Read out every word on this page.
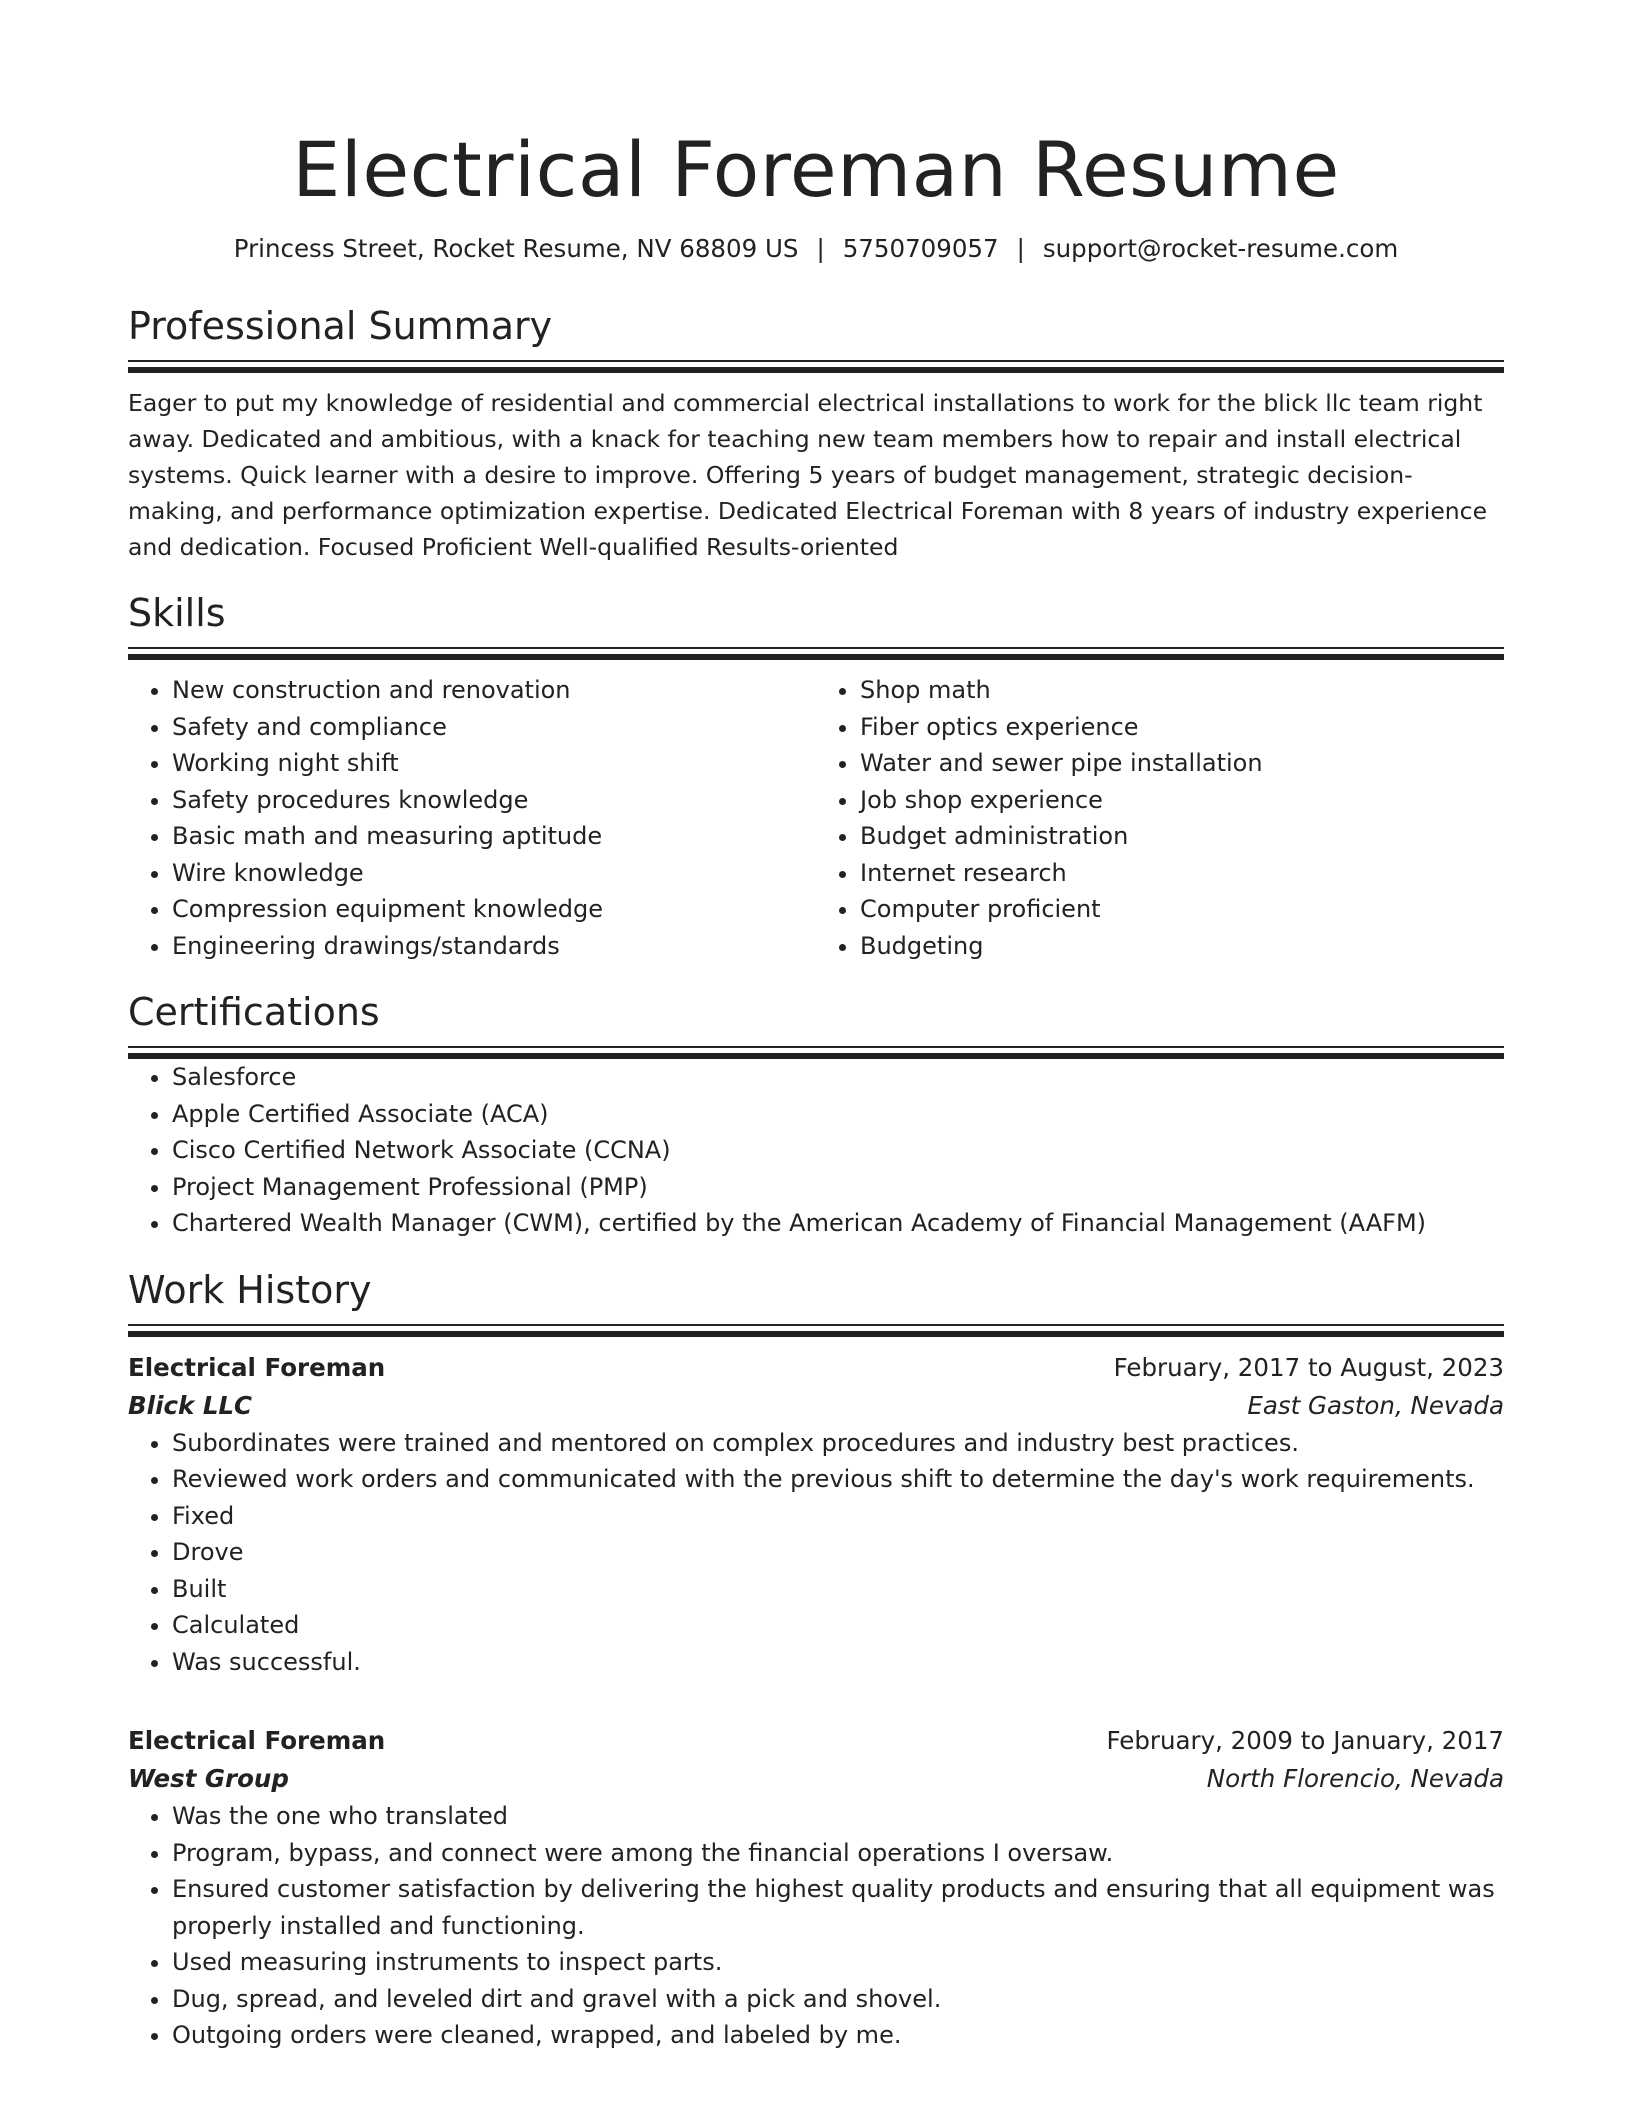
Electrical Foreman Resume
Princess Street, Rocket Resume, NV 68809 US | 5750709057 | support@rocket-resume.com
Professional Summary

Eager to put my knowledge of residential and commercial electrical installations to work for the blick llc team right away. Dedicated and ambitious, with a knack for teaching new team members how to repair and install electrical systems. Quick learner with a desire to improve. Offering 5 years of budget management, strategic decision-making, and performance optimization expertise. Dedicated Electrical Foreman with 8 years of industry experience and dedication. Focused Proficient Well-qualified Results-oriented

Skills
• New construction and renovation
• Safety and compliance
• Working night shift
• Safety procedures knowledge
• Basic math and measuring aptitude
• Wire knowledge
• Compression equipment knowledge
• Engineering drawings/standards
• Shop math
• Fiber optics experience
• Water and sewer pipe installation
• Job shop experience
• Budget administration
• Internet research
• Computer proficient
• Budgeting
Certifications
• Salesforce
• Apple Certified Associate (ACA)
• Cisco Certified Network Associate (CCNA)
• Project Management Professional (PMP)
• Chartered Wealth Manager (CWM), certified by the American Academy of Financial Management (AAFM)
Work History
Electrical Foreman	February, 2017 to August, 2023
Blick LLC	East Gaston, Nevada
• Subordinates were trained and mentored on complex procedures and industry best practices.
• Reviewed work orders and communicated with the previous shift to determine the day's work requirements.
• Fixed
• Drove
• Built
• Calculated
• Was successful.
Electrical Foreman	February, 2009 to January, 2017
West Group	North Florencio, Nevada
• Was the one who translated
• Program, bypass, and connect were among the financial operations I oversaw.
• Ensured customer satisfaction by delivering the highest quality products and ensuring that all equipment was properly installed and functioning.
• Used measuring instruments to inspect parts.
• Dug, spread, and leveled dirt and gravel with a pick and shovel.
• Outgoing orders were cleaned, wrapped, and labeled by me.
